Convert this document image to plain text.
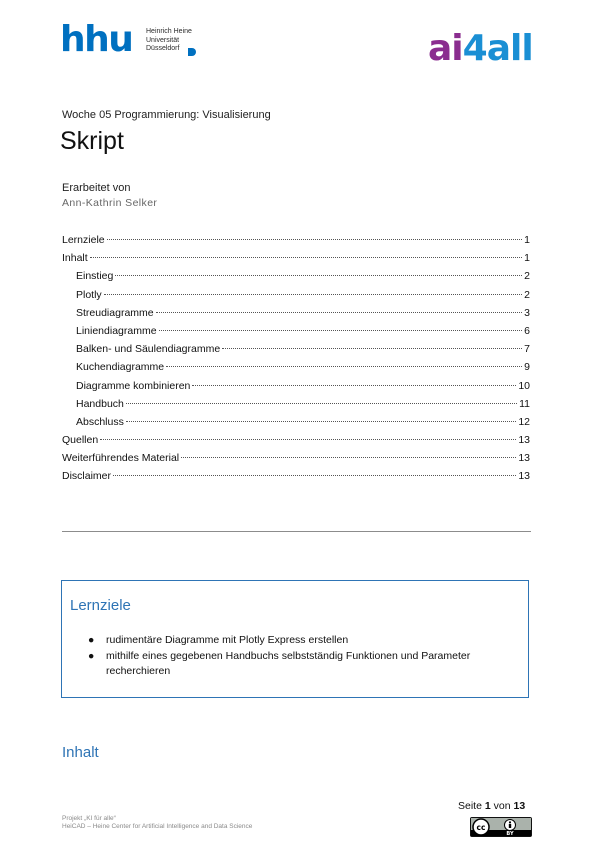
hhu Heinrich Heine
Universität
Düsseldorf	ai4all
Woche 05 Programmierung: Visualisierung
Skript
Erarbeitet von
Ann-Kathrin Selker
Lernziele	1
Inhalt	1
Einstieg	2
Plotly	2
Streudiagramme	3
Liniendiagramme	6
Balken- und Säulendiagramme	7
Kuchendiagramme	9
Diagramme kombinieren	10
Handbuch	11
Abschluss	12
Quellen	13
Weiterführendes Material	13
Disclaimer	13
Lernziele
● rudimentäre Diagramme mit Plotly Express erstellen
● mithilfe eines gegebenen Handbuchs selbstständig Funktionen und Parameter recherchieren
Inhalt
Seite 1 von 13
Projekt „KI für alle“
HeiCAD – Heine Center for Artificial Intelligence and Data Science	cc
BY
